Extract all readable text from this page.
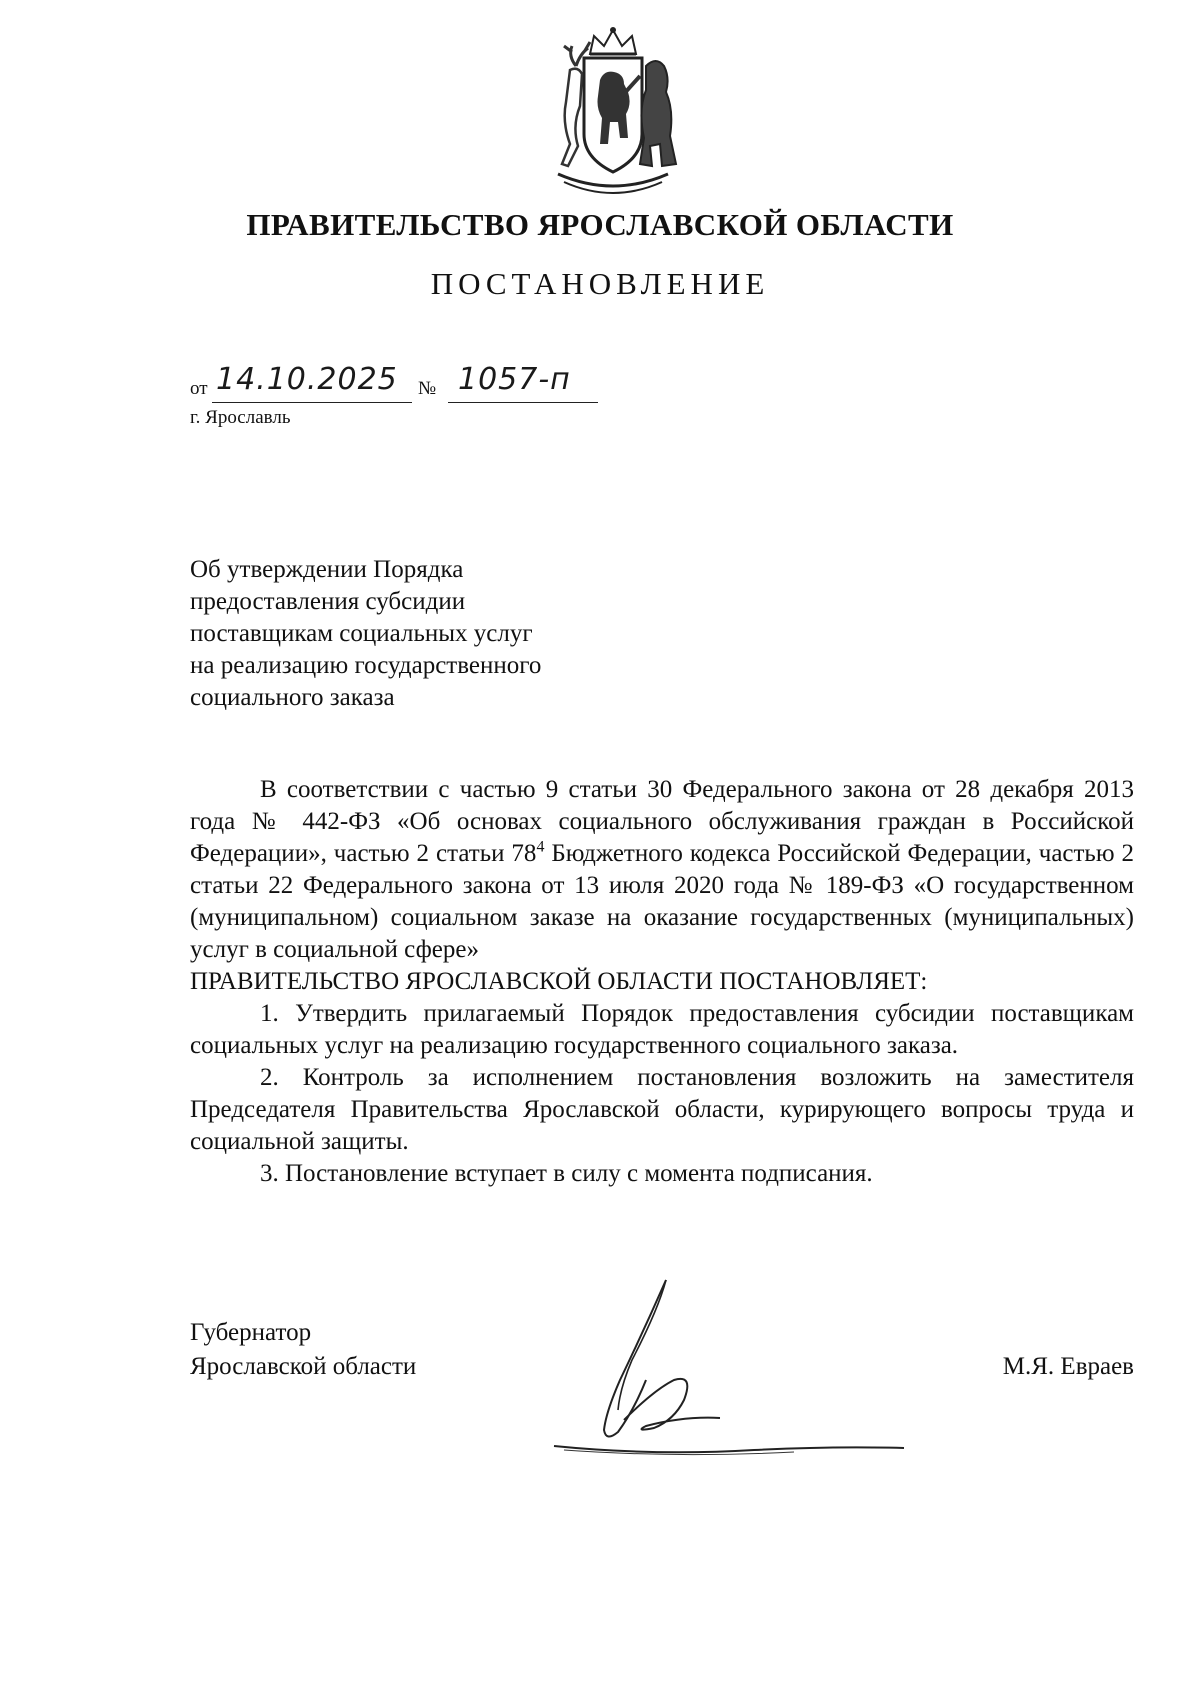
ПРАВИТЕЛЬСТВО ЯРОСЛАВСКОЙ ОБЛАСТИ
ПОСТАНОВЛЕНИЕ
от 14.10.2025 № 1057-п
г. Ярославль
Об утверждении Порядка
предоставления субсидии
поставщикам социальных услуг
на реализацию государственного
социального заказа
В соответствии с частью 9 статьи 30 Федерального закона от 28 декабря 2013 года № 442-ФЗ «Об основах социального обслуживания граждан в Российской Федерации», частью 2 статьи $78^4$ Бюджетного кодекса Российской Федерации, частью 2 статьи 22 Федерального закона от 13 июля 2020 года № 189-ФЗ «О государственном (муниципальном) социальном заказе на оказание государственных (муниципальных) услуг в социальной сфере»
ПРАВИТЕЛЬСТВО ЯРОСЛАВСКОЙ ОБЛАСТИ ПОСТАНОВЛЯЕТ:
1. Утвердить прилагаемый Порядок предоставления субсидии поставщикам социальных услуг на реализацию государственного социального заказа.
2. Контроль за исполнением постановления возложить на заместителя Председателя Правительства Ярославской области, курирующего вопросы труда и социальной защиты.
3. Постановление вступает в силу с момента подписания.
Губернатор
Ярославской области	М.Я. Евраев
